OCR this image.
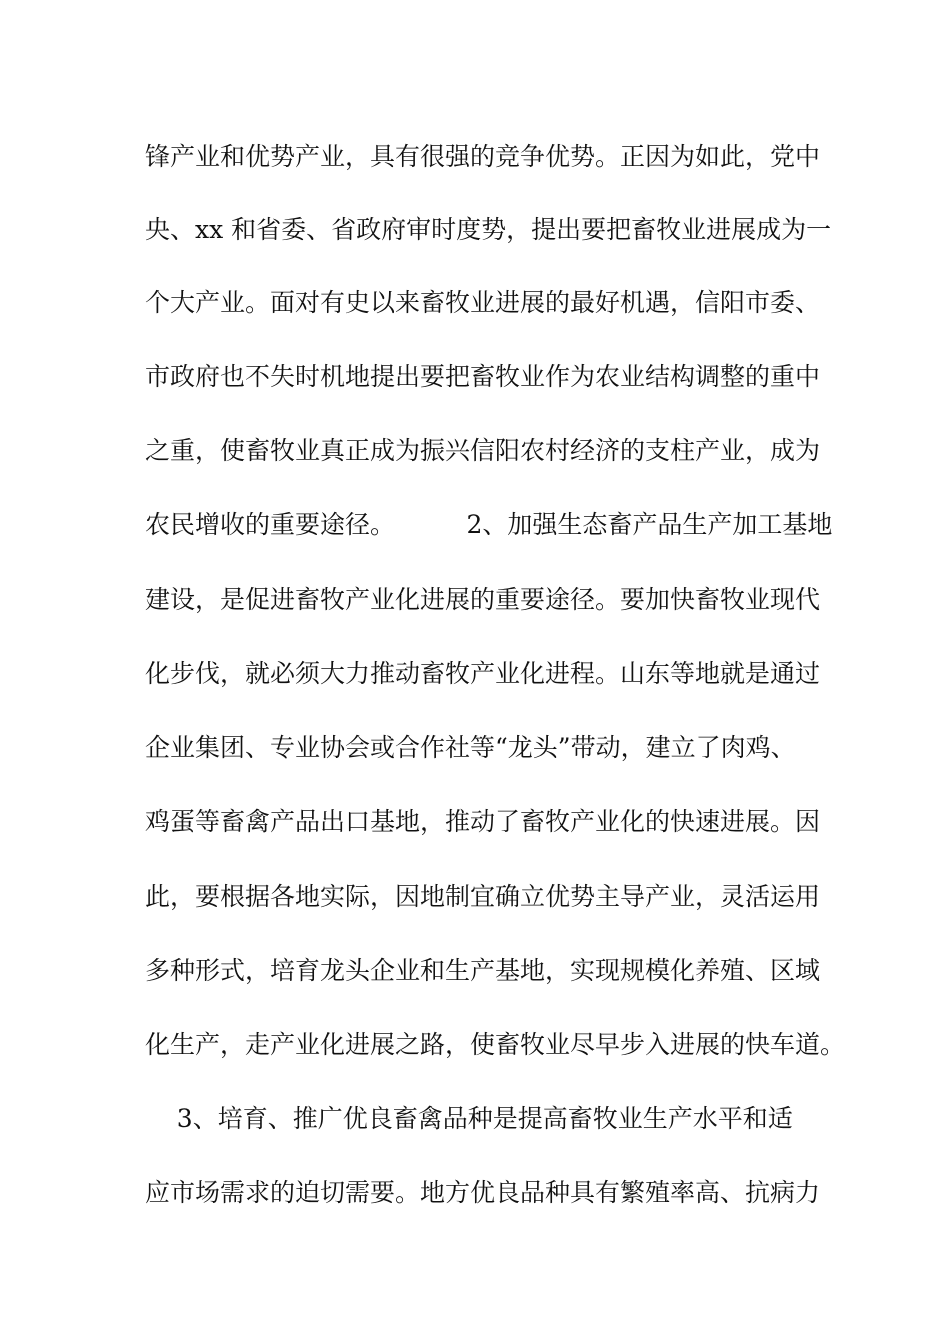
锋产业和优势产业，具有很强的竞争优势。正因为如此，党中
央、xx 和省委、省政府审时度势，提出要把畜牧业进展成为一
个大产业。面对有史以来畜牧业进展的最好机遇，信阳市委、
市政府也不失时机地提出要把畜牧业作为农业结构调整的重中
之重，使畜牧业真正成为振兴信阳农村经济的支柱产业，成为
农民增收的重要途径。         2、加强生态畜产品生产加工基地
建设，是促进畜牧产业化进展的重要途径。要加快畜牧业现代
化步伐，就必须大力推动畜牧产业化进程。山东等地就是通过
企业集团、专业协会或合作社等“龙头”带动，建立了肉鸡、
鸡蛋等畜禽产品出口基地，推动了畜牧产业化的快速进展。因
此，要根据各地实际，因地制宜确立优势主导产业，灵活运用
多种形式，培育龙头企业和生产基地，实现规模化养殖、区域
化生产，走产业化进展之路，使畜牧业尽早步入进展的快车道。
3、培育、推广优良畜禽品种是提高畜牧业生产水平和适
应市场需求的迫切需要。地方优良品种具有繁殖率高、抗病力
